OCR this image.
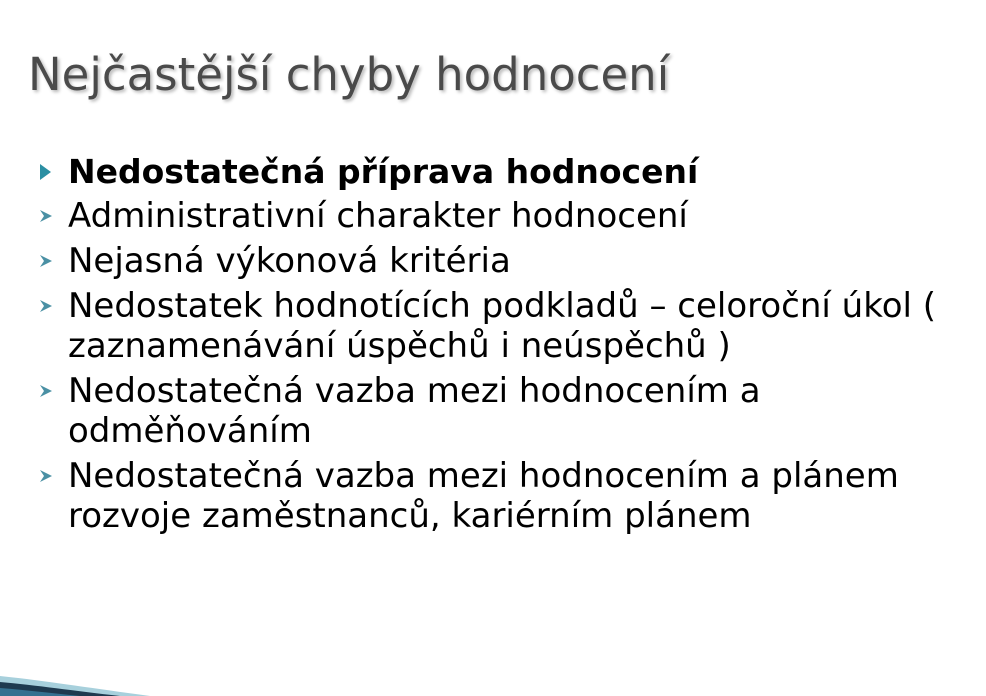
Nejčastější chyby hodnocení
Nedostatečná příprava hodnocení
Administrativní charakter hodnocení
Nejasná výkonová kritéria
Nedostatek hodnotících podkladů – celoroční úkol ( zaznamenávání úspěchů i neúspěchů )
Nedostatečná vazba mezi hodnocením a odměňováním
Nedostatečná vazba mezi hodnocením a plánem rozvoje zaměstnanců, kariérním plánem
